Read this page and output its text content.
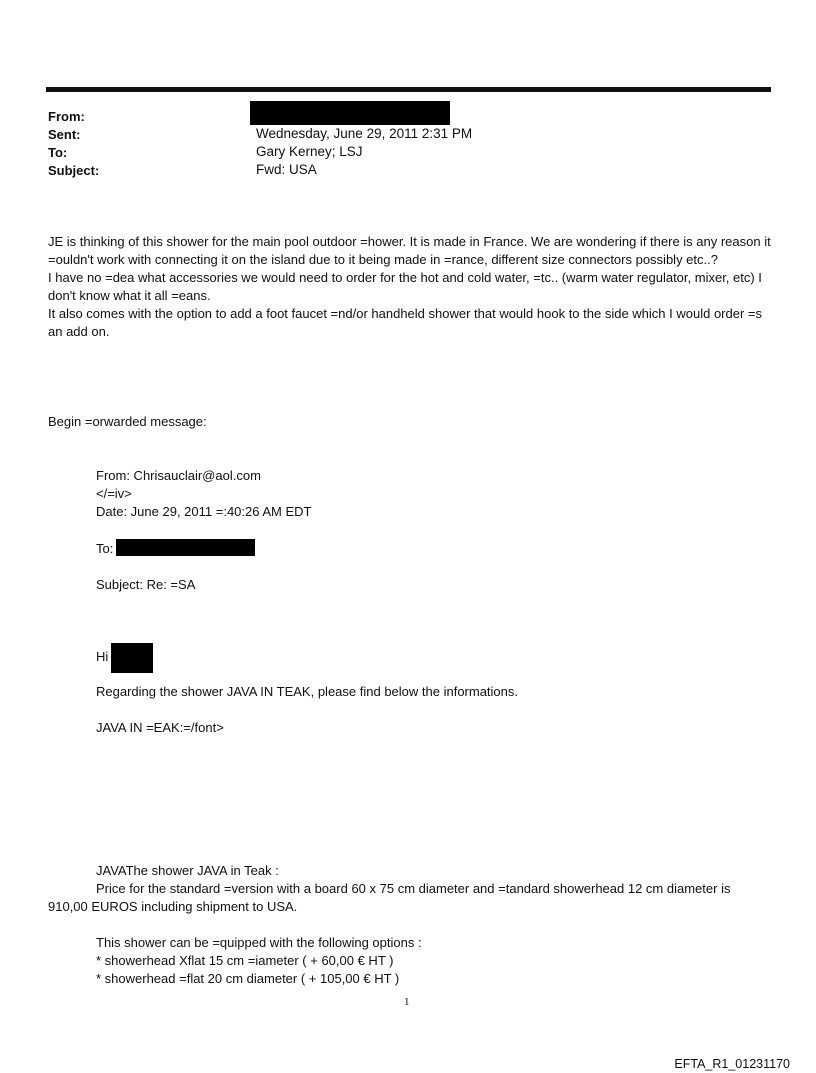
From:
Sent:	Wednesday, June 29, 2011 2:31 PM
To:	Gary Kerney; LSJ
Subject:	Fwd: USA

JE is thinking of this shower for the main pool outdoor =hower. It is made in France. We are wondering if there is any reason it =ouldn't work with connecting it on the island due to it being made in =rance, different size connectors possibly etc..?

I have no =dea what accessories we would need to order for the hot and cold water, =tc.. (warm water regulator, mixer, etc) I don't know what it all =eans.

It also comes with the option to add a foot faucet =nd/or handheld shower that would hook to the side which I would order =s an add on.

Begin =orwarded message:
From: Chrisauclair@aol.com
</=iv>
Date: June 29, 2011 =:40:26 AM EDT
To:
Subject: Re: =SA
Hi
Regarding the shower JAVA IN TEAK, please find below the informations.
JAVA IN =EAK:=/font>
JAVAThe shower JAVA in Teak :
Price for the standard =version with a board 60 x 75 cm diameter and =tandard showerhead 12 cm diameter is
910,00 EUROS including shipment to USA.
This shower can be =quipped with the following options :
* showerhead Xflat 15 cm =iameter ( + 60,00 € HT )
* showerhead =flat 20 cm diameter ( + 105,00 € HT )
1
EFTA_R1_01231170
